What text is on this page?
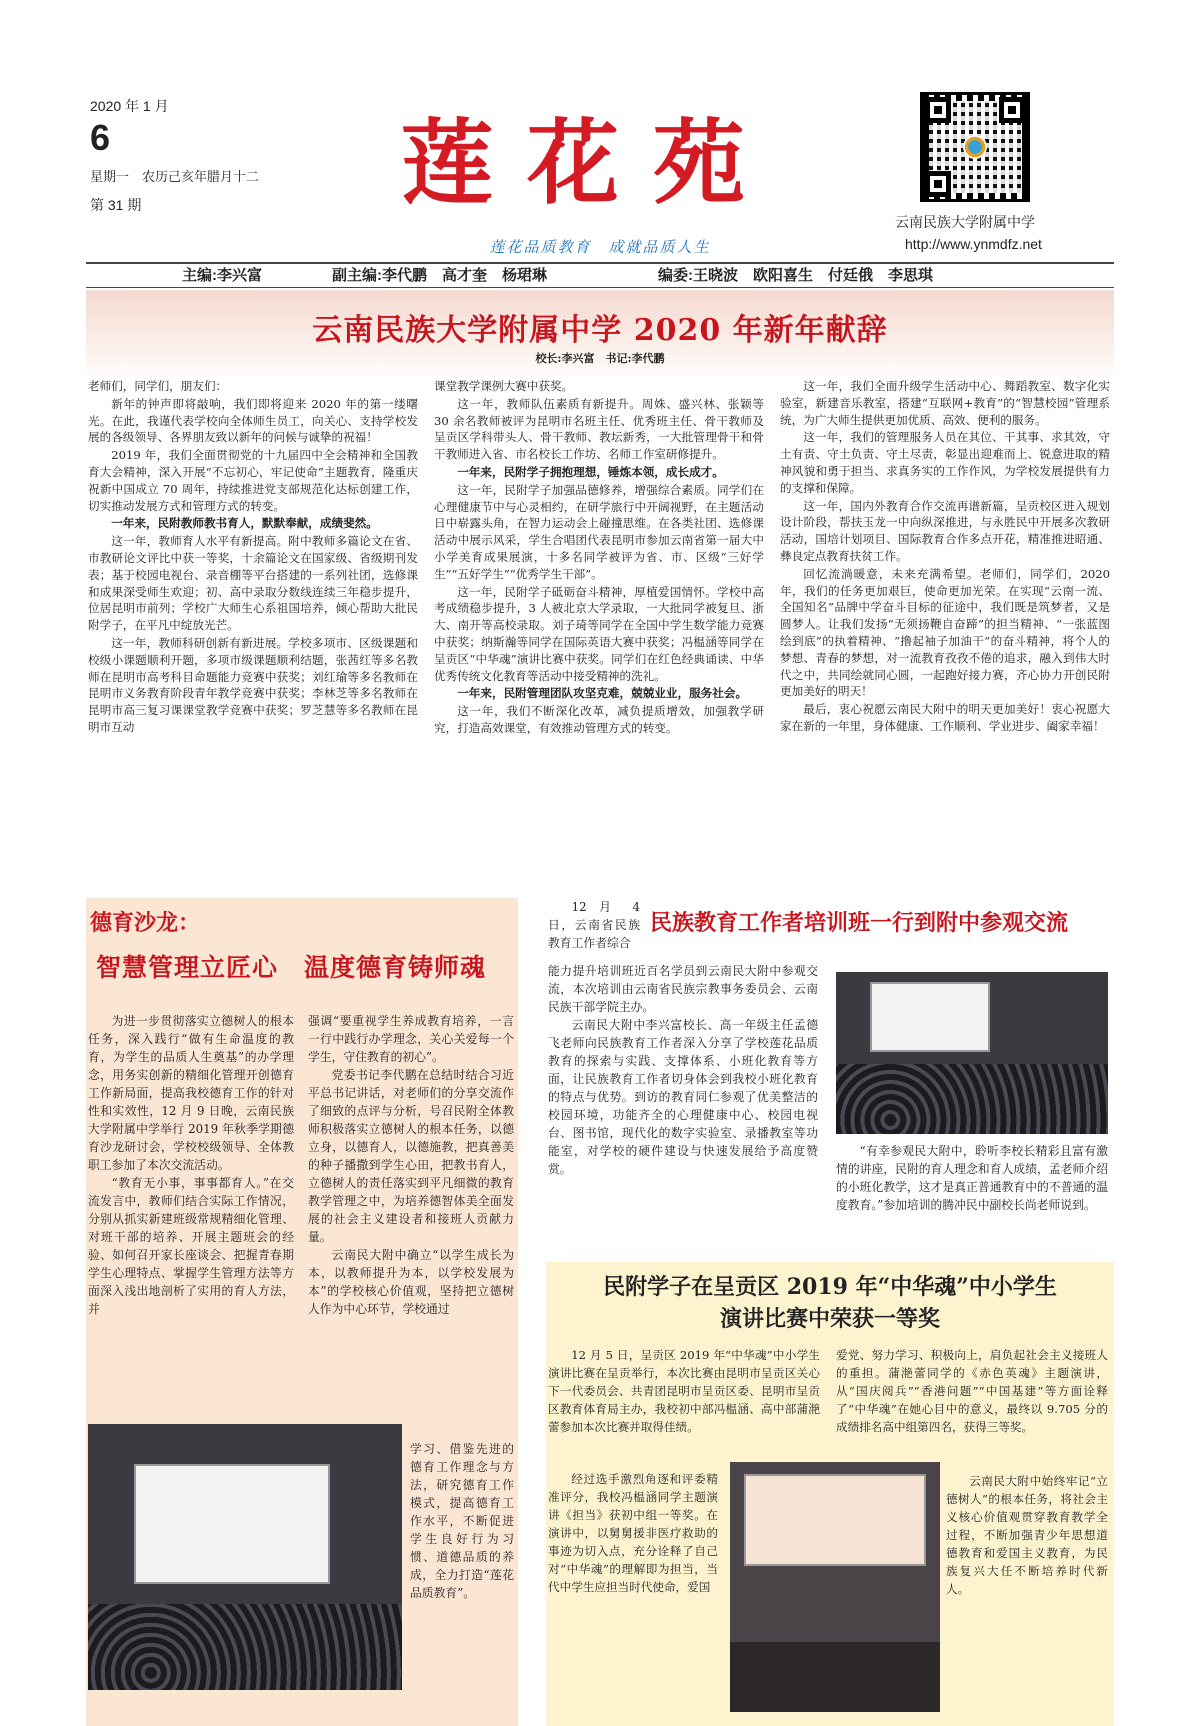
2020 年 1 月
6
星期一　农历己亥年腊月十二
第 31 期	莲花苑
莲花品质教育　成就品质人生
云南民族大学附属中学
http://www.ynmdfz.net
主编:李兴富	副主编:李代鹏　高才奎　杨珺琳	编委:王晓波　欧阳喜生　付廷俄　李思琪
云南民族大学附属中学 2020 年新年献辞
校长:李兴富　书记:李代鹏

老师们，同学们，朋友们：

新年的钟声即将敲响，我们即将迎来 2020 年的第一缕曙光。在此，我谨代表学校向全体师生员工，向关心、支持学校发展的各级领导、各界朋友致以新年的问候与诚挚的祝福！

2019 年，我们全面贯彻党的十九届四中全会精神和全国教育大会精神，深入开展“不忘初心，牢记使命”主题教育，隆重庆祝新中国成立 70 周年，持续推进党支部规范化达标创建工作，切实推动发展方式和管理方式的转变。

一年来，民附教师教书育人，默默奉献，成绩斐然。

这一年，教师育人水平有新提高。附中教师多篇论文在省、市教研论文评比中获一等奖，十余篇论文在国家级、省级期刊发表；基于校园电视台、录音棚等平台搭建的一系列社团，选修课和成果深受师生欢迎；初、高中录取分数线连续三年稳步提升，位居昆明市前列；学校广大师生心系祖国培养，倾心帮助大批民附学子，在平凡中绽放光芒。

这一年，教师科研创新有新进展。学校多项市、区级课题和校级小课题顺利开题，多项市级课题顺利结题，张茜红等多名教师在昆明市高考科目命题能力竞赛中获奖；刘红瑜等多名教师在昆明市义务教育阶段青年教学竞赛中获奖；李林芝等多名教师在昆明市高三复习课课堂教学竞赛中获奖；罗芝慧等多名教师在昆明市互动

课堂教学课例大赛中获奖。

这一年，教师队伍素质有新提升。周姝、盛兴林、张颖等 30 余名教师被评为昆明市名班主任、优秀班主任、骨干教师及呈贡区学科带头人、骨干教师、教坛新秀，一大批管理骨干和骨干教师进入省、市名校长工作坊、名师工作室研修提升。

一年来，民附学子拥抱理想，锤炼本领，成长成才。

这一年，民附学子加强品德修养，增强综合素质。同学们在心理健康节中与心灵相约，在研学旅行中开阔视野，在主题活动日中崭露头角，在智力运动会上碰撞思维。在各类社团、选修课活动中展示风采，学生合唱团代表昆明市参加云南省第一届大中小学美育成果展演，十多名同学被评为省、市、区级“三好学生”“五好学生”“优秀学生干部”。

这一年，民附学子砥砺奋斗精神，厚植爱国情怀。学校中高考成绩稳步提升，3 人被北京大学录取，一大批同学被复旦、浙大、南开等高校录取。刘子琦等同学在全国中学生数学能力竞赛中获奖；纳斯瀚等同学在国际英语大赛中获奖；冯榅涵等同学在呈贡区“中华魂”演讲比赛中获奖。同学们在红色经典诵读、中华优秀传统文化教育等活动中接受精神的洗礼。

一年来，民附管理团队攻坚克难，兢兢业业，服务社会。

这一年，我们不断深化改革，减负提质增效，加强教学研究，打造高效课堂，有效推动管理方式的转变。

这一年，我们全面升级学生活动中心、舞蹈教室、数字化实验室，新建音乐教室，搭建“互联网+教育”的“智慧校园”管理系统，为广大师生提供更加优质、高效、便利的服务。

这一年，我们的管理服务人员在其位、干其事、求其效，守土有责、守土负责、守土尽责，彰显出迎难而上、锐意进取的精神风貌和勇于担当、求真务实的工作作风，为学校发展提供有力的支撑和保障。

这一年，国内外教育合作交流再谱新篇，呈贡校区进入规划设计阶段，帮扶玉龙一中向纵深推进，与永胜民中开展多次教研活动，国培计划项目、国际教育合作多点开花，精准推进昭通、彝良定点教育扶贫工作。

回忆流淌暖意，未来充满希望。老师们，同学们，2020 年，我们的任务更加艰巨，使命更加光荣。在实现“云南一流、全国知名”品牌中学奋斗目标的征途中，我们既是筑梦者，又是圆梦人。让我们发扬“无须扬鞭自奋蹄”的担当精神、“一张蓝图绘到底”的执着精神、“撸起袖子加油干”的奋斗精神，将个人的梦想、青春的梦想，对一流教育孜孜不倦的追求，融入到伟大时代之中，共同绘就同心圆，一起跑好接力赛，齐心协力开创民附更加美好的明天！

最后，衷心祝愿云南民大附中的明天更加美好！衷心祝愿大家在新的一年里，身体健康、工作顺利、学业进步、阖家幸福！

德育沙龙：
智慧管理立匠心　温度德育铸师魂

为进一步贯彻落实立德树人的根本任务，深入践行“做有生命温度的教育，为学生的品质人生奠基”的办学理念，用务实创新的精细化管理开创德育工作新局面，提高我校德育工作的针对性和实效性，12 月 9 日晚，云南民族大学附属中学举行 2019 年秋季学期德育沙龙研讨会，学校校级领导、全体教职工参加了本次交流活动。

“教育无小事，事事都育人。”在交流发言中，教师们结合实际工作情况，分别从抓实新建班级常规精细化管理、对班干部的培养、开展主题班会的经验、如何召开家长座谈会、把握青春期学生心理特点、掌握学生管理方法等方面深入浅出地剖析了实用的育人方法，并

强调“要重视学生养成教育培养，一言一行中践行办学理念，关心关爱每一个学生，守住教育的初心”。

党委书记李代鹏在总结时结合习近平总书记讲话，对老师们的分享交流作了细致的点评与分析，号召民附全体教师积极落实立德树人的根本任务，以德立身，以德育人，以德施教，把真善美的种子播撒到学生心田，把教书育人，立德树人的责任落实到平凡细微的教育教学管理之中，为培养德智体美全面发展的社会主义建设者和接班人贡献力量。

云南民大附中确立“以学生成长为本，以教师提升为本，以学校发展为本”的学校核心价值观，坚持把立德树人作为中心环节，学校通过

学习、借鉴先进的德育工作理念与方法，研究德育工作模式，提高德育工作水平，不断促进学生良好行为习惯、道德品质的养成，全力打造“莲花品质教育”。

民族教育工作者培训班一行到附中参观交流

12 月 4 日，云南省民族教育工作者综合

能力提升培训班近百名学员到云南民大附中参观交流，本次培训由云南省民族宗教事务委员会、云南民族干部学院主办。

云南民大附中李兴富校长、高一年级主任孟德飞老师向民族教育工作者深入分享了学校莲花品质教育的探索与实践、支撑体系、小班化教育等方面，让民族教育工作者切身体会到我校小班化教育的特点与优势。到访的教育同仁参观了优美整洁的校园环境，功能齐全的心理健康中心、校园电视台、图书馆，现代化的数字实验室、录播教室等功能室，对学校的硬件建设与快速发展给予高度赞赏。

“有幸参观民大附中，聆听李校长精彩且富有激情的讲座，民附的育人理念和育人成绩，孟老师介绍的小班化教学，这才是真正普通教育中的不普通的温度教育。”参加培训的腾冲民中副校长尚老师说到。

民附学子在呈贡区 2019 年“中华魂”中小学生
演讲比赛中荣获一等奖

12 月 5 日，呈贡区 2019 年“中华魂”中小学生演讲比赛在呈贡举行，本次比赛由昆明市呈贡区关心下一代委员会、共青团昆明市呈贡区委、昆明市呈贡区教育体育局主办，我校初中部冯榅涵、高中部蒲滟蕾参加本次比赛并取得佳绩。

经过选手激烈角逐和评委精准评分，我校冯榅涵同学主题演讲《担当》获初中组一等奖。在演讲中，以舅舅援非医疗救助的事迹为切入点，充分诠释了自己对“中华魂”的理解即为担当，当代中学生应担当时代使命，爱国

爱党、努力学习、积极向上，肩负起社会主义接班人的重担。蒲滟蕾同学的《赤色英魂》主题演讲，从“国庆阅兵”“香港问题”“中国基建”等方面诠释了“中华魂”在她心目中的意义，最终以 9.705 分的成绩排名高中组第四名，获得三等奖。

云南民大附中始终牢记“立德树人”的根本任务，将社会主义核心价值观贯穿教育教学全过程，不断加强青少年思想道德教育和爱国主义教育，为民族复兴大任不断培养时代新人。
